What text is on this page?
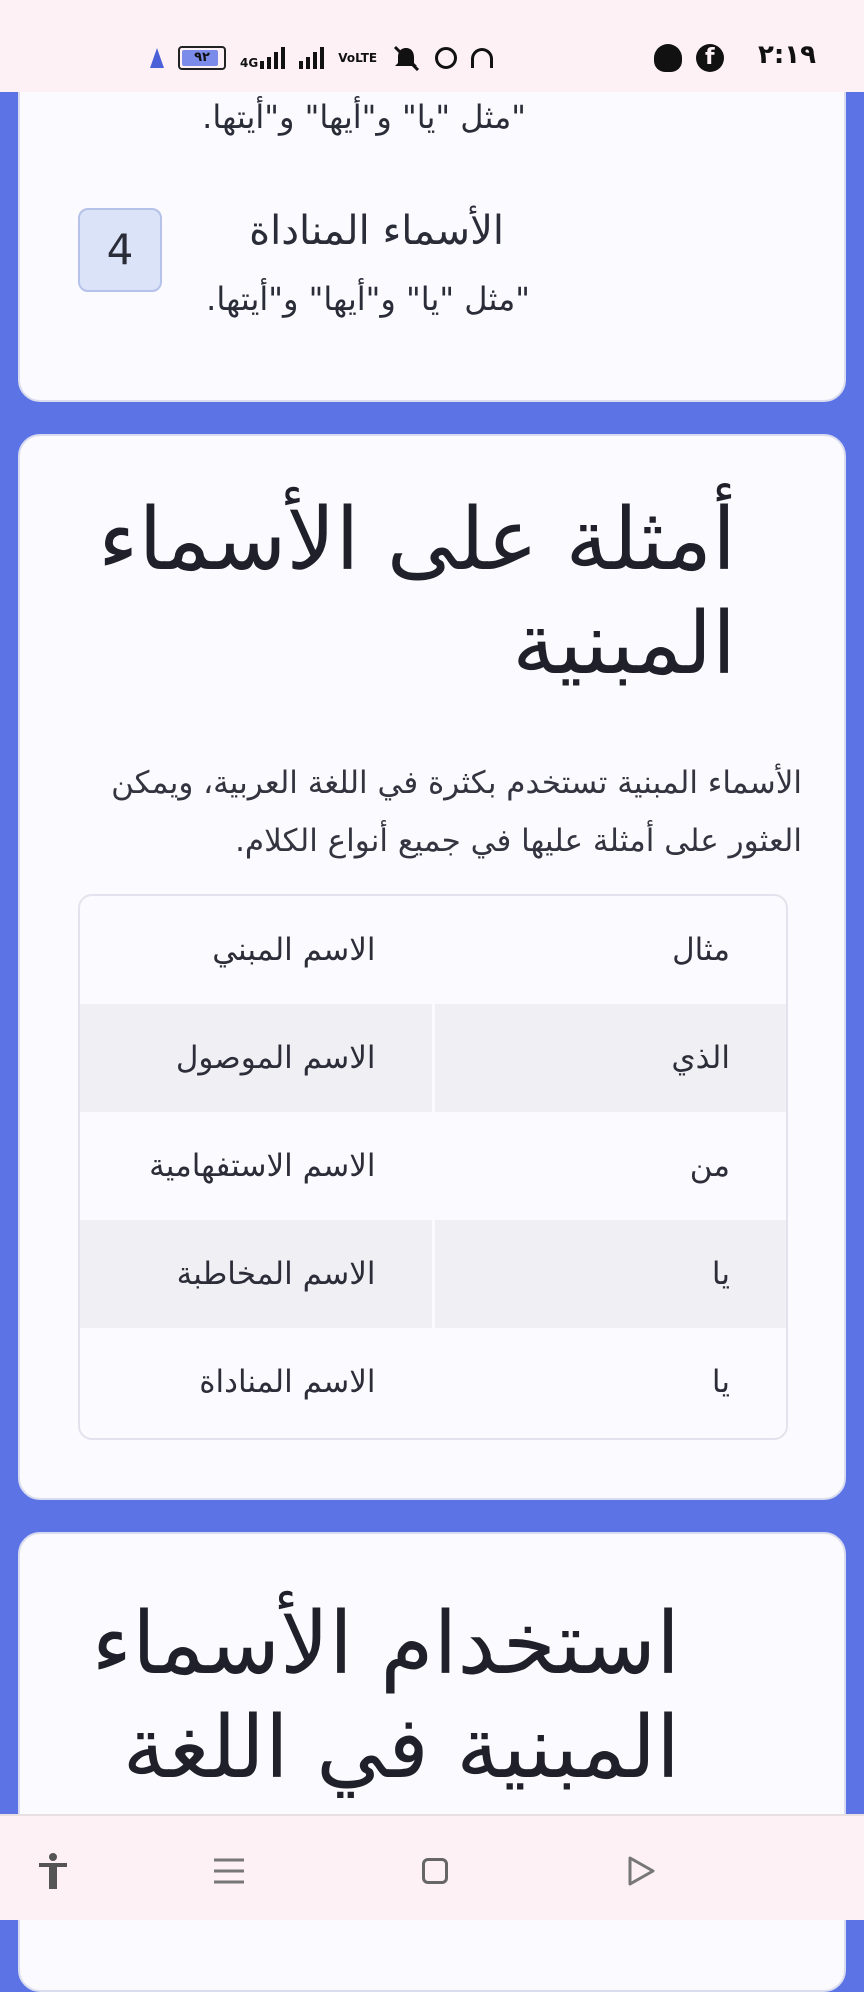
٩٢	4G	VoLTE f	٢:١٩
"مثل "يا" و"أيها" و"أيتها.
4	الأسماء المناداة
"مثل "يا" و"أيها" و"أيتها.
أمثلة على الأسماء المبنية

الأسماء المبنية تستخدم بكثرة في اللغة العربية، ويمكن العثور على أمثلة عليها في جميع أنواع الكلام.

مثال	الاسم المبني
الذي	الاسم الموصول
من	الاسم الاستفهامية
يا	الاسم المخاطبة
يا	الاسم المناداة
استخدام الأسماء المبنية في اللغة
